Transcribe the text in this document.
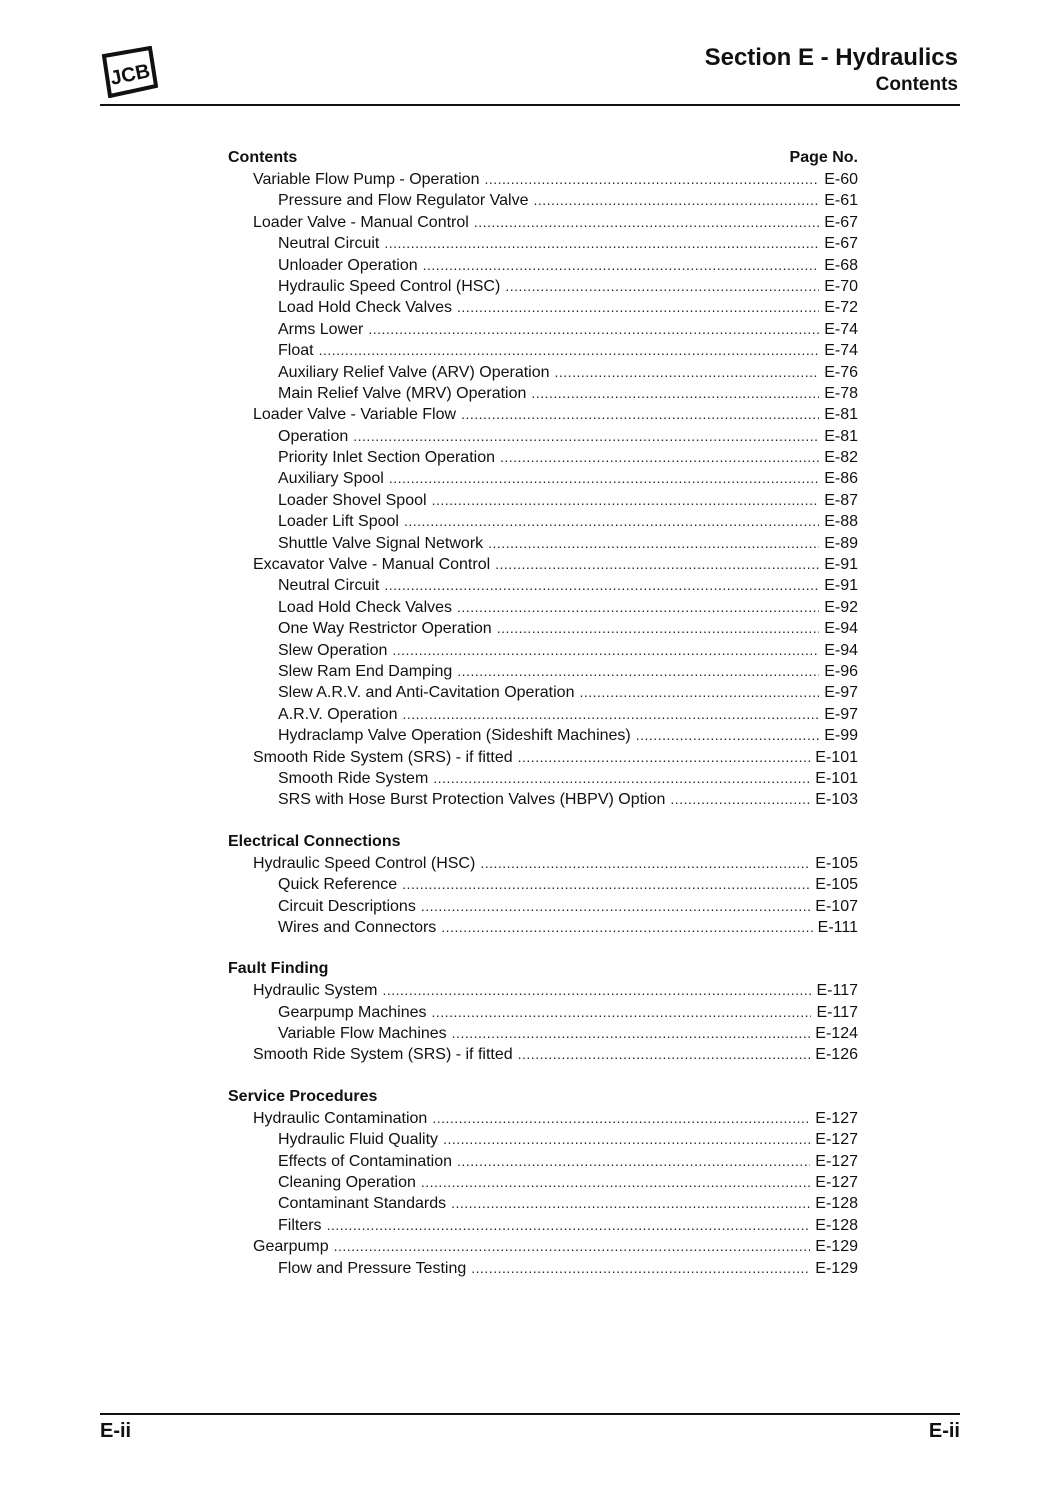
JCB
Section E - Hydraulics
Contents
Contents	Page No.
Variable Flow Pump - Operation .....	E-60
Pressure and Flow Regulator Valve .....	E-61
Loader Valve - Manual Control .....	E-67
Neutral Circuit .....	E-67
Unloader Operation .....	E-68
Hydraulic Speed Control (HSC) .....	E-70
Load Hold Check Valves .....	E-72
Arms Lower .....	E-74
Float .....	E-74
Auxiliary Relief Valve (ARV) Operation .....	E-76
Main Relief Valve (MRV) Operation .....	E-78
Loader Valve - Variable Flow .....	E-81
Operation .....	E-81
Priority Inlet Section Operation .....	E-82
Auxiliary Spool .....	E-86
Loader Shovel Spool .....	E-87
Loader Lift Spool .....	E-88
Shuttle Valve Signal Network .....	E-89
Excavator Valve - Manual Control .....	E-91
Neutral Circuit .....	E-91
Load Hold Check Valves .....	E-92
One Way Restrictor Operation .....	E-94
Slew Operation .....	E-94
Slew Ram End Damping .....	E-96
Slew A.R.V. and Anti-Cavitation Operation .....	E-97
A.R.V. Operation .....	E-97
Hydraclamp Valve Operation (Sideshift Machines) .....	E-99
Smooth Ride System (SRS) - if fitted .....	E-101
Smooth Ride System .....	E-101
SRS with Hose Burst Protection Valves (HBPV) Option .....	E-103
Electrical Connections
Hydraulic Speed Control (HSC) .....	E-105
Quick Reference .....	E-105
Circuit Descriptions .....	E-107
Wires and Connectors .....	E-111
Fault Finding
Hydraulic System .....	E-117
Gearpump Machines .....	E-117
Variable Flow Machines .....	E-124
Smooth Ride System (SRS) - if fitted .....	E-126
Service Procedures
Hydraulic Contamination .....	E-127
Hydraulic Fluid Quality .....	E-127
Effects of Contamination .....	E-127
Cleaning Operation .....	E-127
Contaminant Standards .....	E-128
Filters .....	E-128
Gearpump .....	E-129
Flow and Pressure Testing .....	E-129
E-ii	E-ii
